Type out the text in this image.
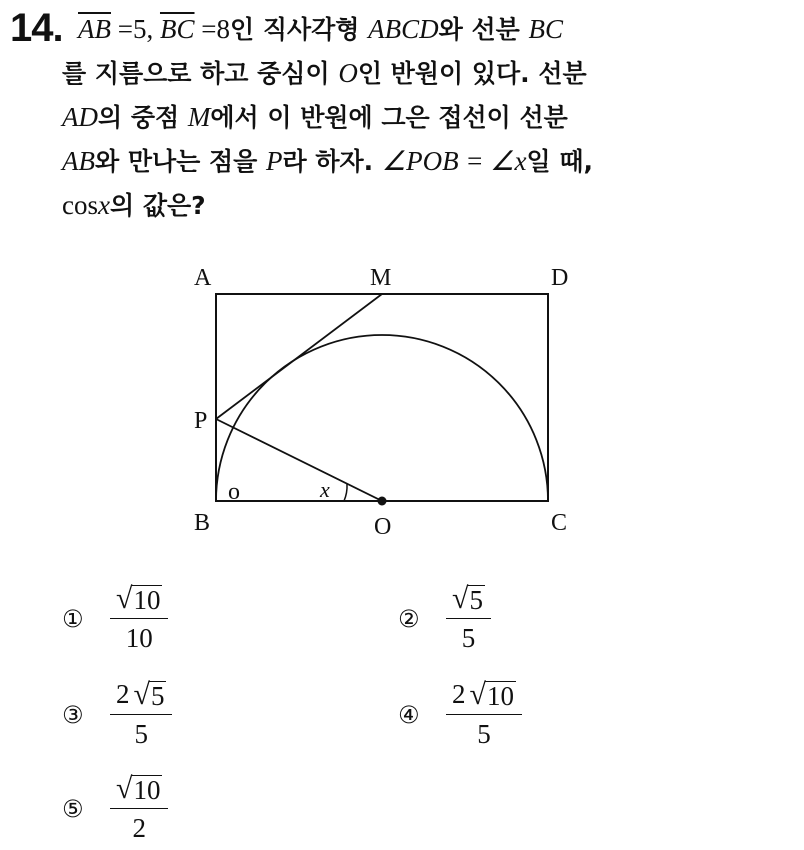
14. $\overline{AB} =5$, $\overline{BC} =8$인 직사각형 ABCD와 선분 BC
를 지름으로 하고 중심이 O인 반원이 있다. 선분
AD의 중점 M에서 이 반원에 그은 접선이 선분
AB와 만나는 점을 P라 하자. ∠POB = ∠x일 때,
cosx의 값은?
o
A	M	D
P
B	O	C
x
① $\frac{√ 10}{10}$	② $\frac{√ 5}{5}$
③ $\frac{2 √ 5}{5}$	④ $\frac{2 √ 10}{5}$
⑤ $\frac{√ 10}{2}$
